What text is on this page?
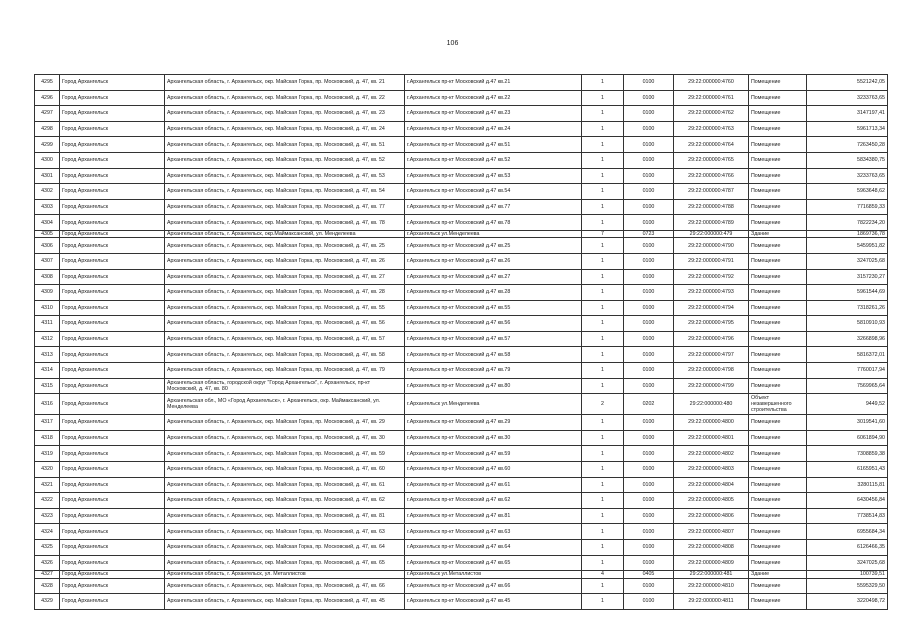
106
4295	Город Архангельск	Архангельская область, г. Архангельск, окр. Майская Горка, пр. Московский, д. 47, кв. 21	г.Архангельск пр-кт Московский д.47 кв.21	1	0100	29:22:000000:4760	Помещение	5521242,05
4296	Город Архангельск	Архангельская область, г. Архангельск, окр. Майская Горка, пр. Московский, д. 47, кв. 22	г.Архангельск пр-кт Московский д.47 кв.22	1	0100	29:22:000000:4761	Помещение	3233763,65
4297	Город Архангельск	Архангельская область, г. Архангельск, окр. Майская Горка, пр. Московский, д. 47, кв. 23	г.Архангельск пр-кт Московский д.47 кв.23	1	0100	29:22:000000:4762	Помещение	3147197,41
4298	Город Архангельск	Архангельская область, г. Архангельск, окр. Майская Горка, пр. Московский, д. 47, кв. 24	г.Архангельск пр-кт Московский д.47 кв.24	1	0100	29:22:000000:4763	Помещение	5961713,34
4299	Город Архангельск	Архангельская область, г. Архангельск, окр. Майская Горка, пр. Московский, д. 47, кв. 51	г.Архангельск пр-кт Московский д.47 кв.51	1	0100	29:22:000000:4764	Помещение	7263450,28
4300	Город Архангельск	Архангельская область, г. Архангельск, окр. Майская Горка, пр. Московский, д. 47, кв. 52	г.Архангельск пр-кт Московский д.47 кв.52	1	0100	29:22:000000:4765	Помещение	5834380,75
4301	Город Архангельск	Архангельская область, г. Архангельск, окр. Майская Горка, пр. Московский, д. 47, кв. 53	г.Архангельск пр-кт Московский д.47 кв.53	1	0100	29:22:000000:4766	Помещение	3233763,65
4302	Город Архангельск	Архангельская область, г. Архангельск, окр. Майская Горка, пр. Московский, д. 47, кв. 54	г.Архангельск пр-кт Московский д.47 кв.54	1	0100	29:22:000000:4787	Помещение	5963648,62
4303	Город Архангельск	Архангельская область, г. Архангельск, окр. Майская Горка, пр. Московский, д. 47, кв. 77	г.Архангельск пр-кт Московский д.47 кв.77	1	0100	29:22:000000:4788	Помещение	7716859,33
4304	Город Архангельск	Архангельская область, г. Архангельск, окр. Майская Горка, пр. Московский, д. 47, кв. 78	г.Архангельск пр-кт Московский д.47 кв.78	1	0100	29:22:000000:4789	Помещение	7822234,20
4305	Город Архангельск	Архангельская область, г. Архангельск, окр.Маймаксанский, ул. Менделеева	г.Архангельск ул.Менделеева	7	0723	29:22:000000:479	Здание	1869736,78
4306	Город Архангельск	Архангельская область, г. Архангельск, окр. Майская Горка, пр. Московский, д. 47, кв. 25	г.Архангельск пр-кт Московский д.47 кв.25	1	0100	29:22:000000:4790	Помещение	5459951,82
4307	Город Архангельск	Архангельская область, г. Архангельск, окр. Майская Горка, пр. Московский, д. 47, кв. 26	г.Архангельск пр-кт Московский д.47 кв.26	1	0100	29:22:000000:4791	Помещение	3247025,68
4308	Город Архангельск	Архангельская область, г. Архангельск, окр. Майская Горка, пр. Московский, д. 47, кв. 27	г.Архангельск пр-кт Московский д.47 кв.27	1	0100	29:22:000000:4792	Помещение	3157230,27
4309	Город Архангельск	Архангельская область, г. Архангельск, окр. Майская Горка, пр. Московский, д. 47, кв. 28	г.Архангельск пр-кт Московский д.47 кв.28	1	0100	29:22:000000:4793	Помещение	5961544,69
4310	Город Архангельск	Архангельская область, г. Архангельск, окр. Майская Горка, пр. Московский, д. 47, кв. 55	г.Архангельск пр-кт Московский д.47 кв.55	1	0100	29:22:000000:4794	Помещение	7318261,26
4311	Город Архангельск	Архангельская область, г. Архангельск, окр. Майская Горка, пр. Московский, д. 47, кв. 56	г.Архангельск пр-кт Московский д.47 кв.56	1	0100	29:22:000000:4795	Помещение	5810910,93
4312	Город Архангельск	Архангельская область, г. Архангельск, окр. Майская Горка, пр. Московский, д. 47, кв. 57	г.Архангельск пр-кт Московский д.47 кв.57	1	0100	29:22:000000:4796	Помещение	3266898,96
4313	Город Архангельск	Архангельская область, г. Архангельск, окр. Майская Горка, пр. Московский, д. 47, кв. 58	г.Архангельск пр-кт Московский д.47 кв.58	1	0100	29:22:000000:4797	Помещение	5816372,01
4314	Город Архангельск	Архангельская область, г. Архангельск, окр. Майская Горка, пр. Московский, д. 47, кв. 79	г.Архангельск пр-кт Московский д.47 кв.79	1	0100	29:22:000000:4798	Помещение	7760017,94
4315	Город Архангельск	Архангельская область, городской округ "Город Архангельск", г. Архангельск, пр-кт Московский, д. 47, кв. 80	г.Архангельск пр-кт Московский д.47 кв.80	1	0100	29:22:000000:4799	Помещение	7569965,64
4316	Город Архангельск	Архангельская обл., МО «Город Архангельск», г. Архангельск, окр. Маймаксанский, ул. Менделеева	г.Архангельск ул.Менделеева	2	0202	29:22:000000:480	Объект незавершенного строительства	9449,52
4317	Город Архангельск	Архангельская область, г. Архангельск, окр. Майская Горка, пр. Московский, д. 47, кв. 29	г.Архангельск пр-кт Московский д.47 кв.29	1	0100	29:22:000000:4800	Помещение	3019541,60
4318	Город Архангельск	Архангельская область, г. Архангельск, окр. Майская Горка, пр. Московский, д. 47, кв. 30	г.Архангельск пр-кт Московский д.47 кв.30	1	0100	29:22:000000:4801	Помещение	6061894,90
4319	Город Архангельск	Архангельская область, г. Архангельск, окр. Майская Горка, пр. Московский, д. 47, кв. 59	г.Архангельск пр-кт Московский д.47 кв.59	1	0100	29:22:000000:4802	Помещение	7308859,38
4320	Город Архангельск	Архангельская область, г. Архангельск, окр. Майская Горка, пр. Московский, д. 47, кв. 60	г.Архангельск пр-кт Московский д.47 кв.60	1	0100	29:22:000000:4803	Помещение	6165951,43
4321	Город Архангельск	Архангельская область, г. Архангельск, окр. Майская Горка, пр. Московский, д. 47, кв. 61	г.Архангельск пр-кт Московский д.47 кв.61	1	0100	29:22:000000:4804	Помещение	3280115,81
4322	Город Архангельск	Архангельская область, г. Архангельск, окр. Майская Горка, пр. Московский, д. 47, кв. 62	г.Архангельск пр-кт Московский д.47 кв.62	1	0100	29:22:000000:4805	Помещение	6430456,84
4323	Город Архангельск	Архангельская область, г. Архангельск, окр. Майская Горка, пр. Московский, д. 47, кв. 81	г.Архангельск пр-кт Московский д.47 кв.81	1	0100	29:22:000000:4806	Помещение	7738514,83
4324	Город Архангельск	Архангельская область, г. Архангельск, окр. Майская Горка, пр. Московский, д. 47, кв. 63	г.Архангельск пр-кт Московский д.47 кв.63	1	0100	29:22:000000:4807	Помещение	6955684,34
4325	Город Архангельск	Архангельская область, г. Архангельск, окр. Майская Горка, пр. Московский, д. 47, кв. 64	г.Архангельск пр-кт Московский д.47 кв.64	1	0100	29:22:000000:4808	Помещение	6126466,35
4326	Город Архангельск	Архангельская область, г. Архангельск, окр. Майская Горка, пр. Московский, д. 47, кв. 65	г.Архангельск пр-кт Московский д.47 кв.65	1	0100	29:22:000000:4809	Помещение	3247025,68
4327	Город Архангельск	Архангельская область, г. Архангельск, ул. Металлистов	г.Архангельск ул.Металлистов	4	0405	29:22:000000:481	Здание	100739,51
4328	Город Архангельск	Архангельская область, г. Архангельск, окр. Майская Горка, пр. Московский, д. 47, кв. 66	г.Архангельск пр-кт Московский д.47 кв.66	1	0100	29:22:000000:4810	Помещение	5595329,50
4329	Город Архангельск	Архангельская область, г. Архангельск, окр. Майская Горка, пр. Московский, д. 47, кв. 45	г.Архангельск пр-кт Московский д.47 кв.45	1	0100	29:22:000000:4811	Помещение	3220498,72
